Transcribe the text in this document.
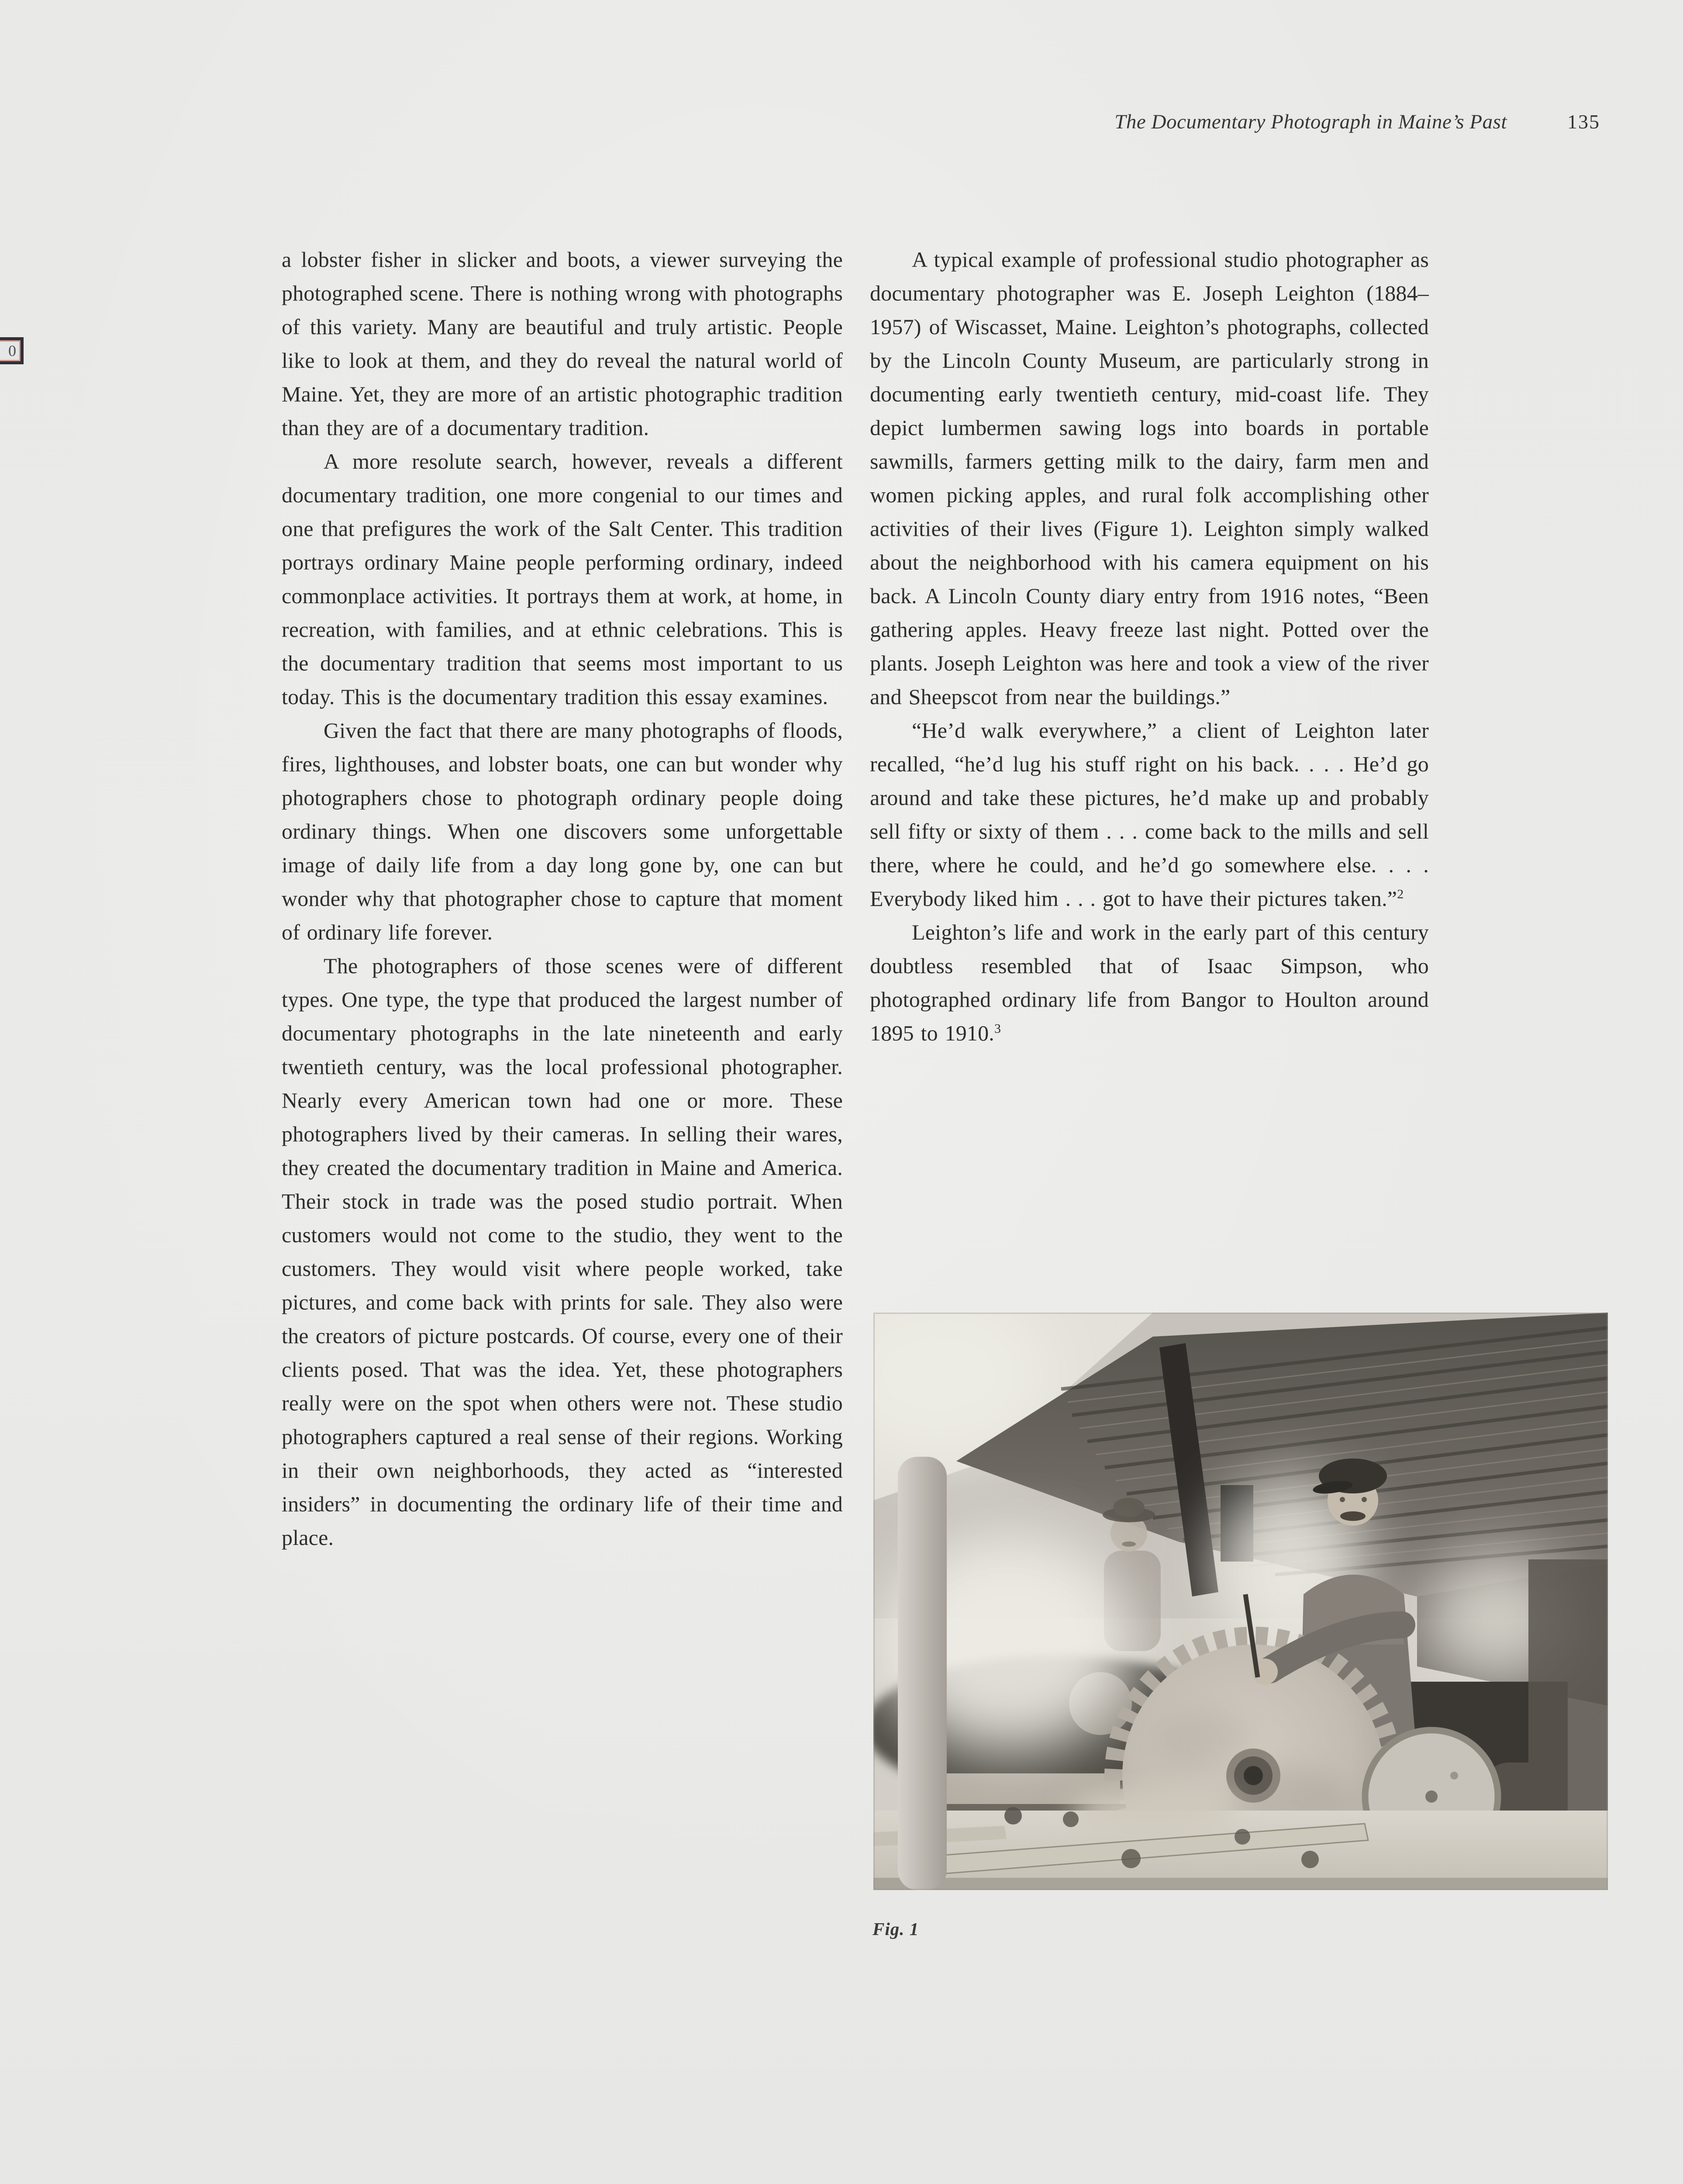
The Documentary Photograph in Maine’s Past	135

a lobster fisher in slicker and boots, a viewer surveying the photographed scene. There is nothing wrong with photographs of this variety. Many are beautiful and truly artistic. People like to look at them, and they do reveal the natural world of Maine. Yet, they are more of an artistic photographic tradition than they are of a documentary tradition.

A more resolute search, however, reveals a different documentary tradition, one more congenial to our times and one that prefigures the work of the Salt Center. This tradition portrays ordinary Maine people performing ordinary, indeed commonplace activities. It portrays them at work, at home, in recreation, with families, and at ethnic celebrations. This is the documentary tradition that seems most important to us today. This is the documentary tradition this essay examines.

Given the fact that there are many photographs of floods, fires, lighthouses, and lobster boats, one can but wonder why photographers chose to photograph ordinary people doing ordinary things. When one discovers some unforgettable image of daily life from a day long gone by, one can but wonder why that photographer chose to capture that moment of ordinary life forever.

The photographers of those scenes were of different types. One type, the type that produced the largest number of documentary photographs in the late nineteenth and early twentieth century, was the local professional photographer. Nearly every American town had one or more. These photographers lived by their cameras. In selling their wares, they created the documentary tradition in Maine and America. Their stock in trade was the posed studio portrait. When customers would not come to the studio, they went to the customers. They would visit where people worked, take pictures, and come back with prints for sale. They also were the creators of picture postcards. Of course, every one of their clients posed. That was the idea. Yet, these photographers really were on the spot when others were not. These studio photographers captured a real sense of their regions. Working in their own neighborhoods, they acted as “interested insiders” in documenting the ordinary life of their time and place.

A typical example of professional studio photographer as documentary photographer was E. Joseph Leighton (1884–1957) of Wiscasset, Maine. Leighton’s photographs, collected by the Lincoln County Museum, are particularly strong in documenting early twentieth century, mid-coast life. They depict lumbermen sawing logs into boards in portable sawmills, farmers getting milk to the dairy, farm men and women picking apples, and rural folk accomplishing other activities of their lives (Figure 1). Leighton simply walked about the neighborhood with his camera equipment on his back. A Lincoln County diary entry from 1916 notes, “Been gathering apples. Heavy freeze last night. Potted over the plants. Joseph Leighton was here and took a view of the river and Sheepscot from near the buildings.”

“He’d walk everywhere,” a client of Leighton later recalled, “he’d lug his stuff right on his back. . . . He’d go around and take these pictures, he’d make up and probably sell fifty or sixty of them . . . come back to the mills and sell there, where he could, and he’d go somewhere else. . . . Everybody liked him . . . got to have their pictures taken.”$^2$

Leighton’s life and work in the early part of this century doubtless resembled that of Isaac Simpson, who photographed ordinary life from Bangor to Houlton around 1895 to 1910.$^3$

Fig. 1
0
